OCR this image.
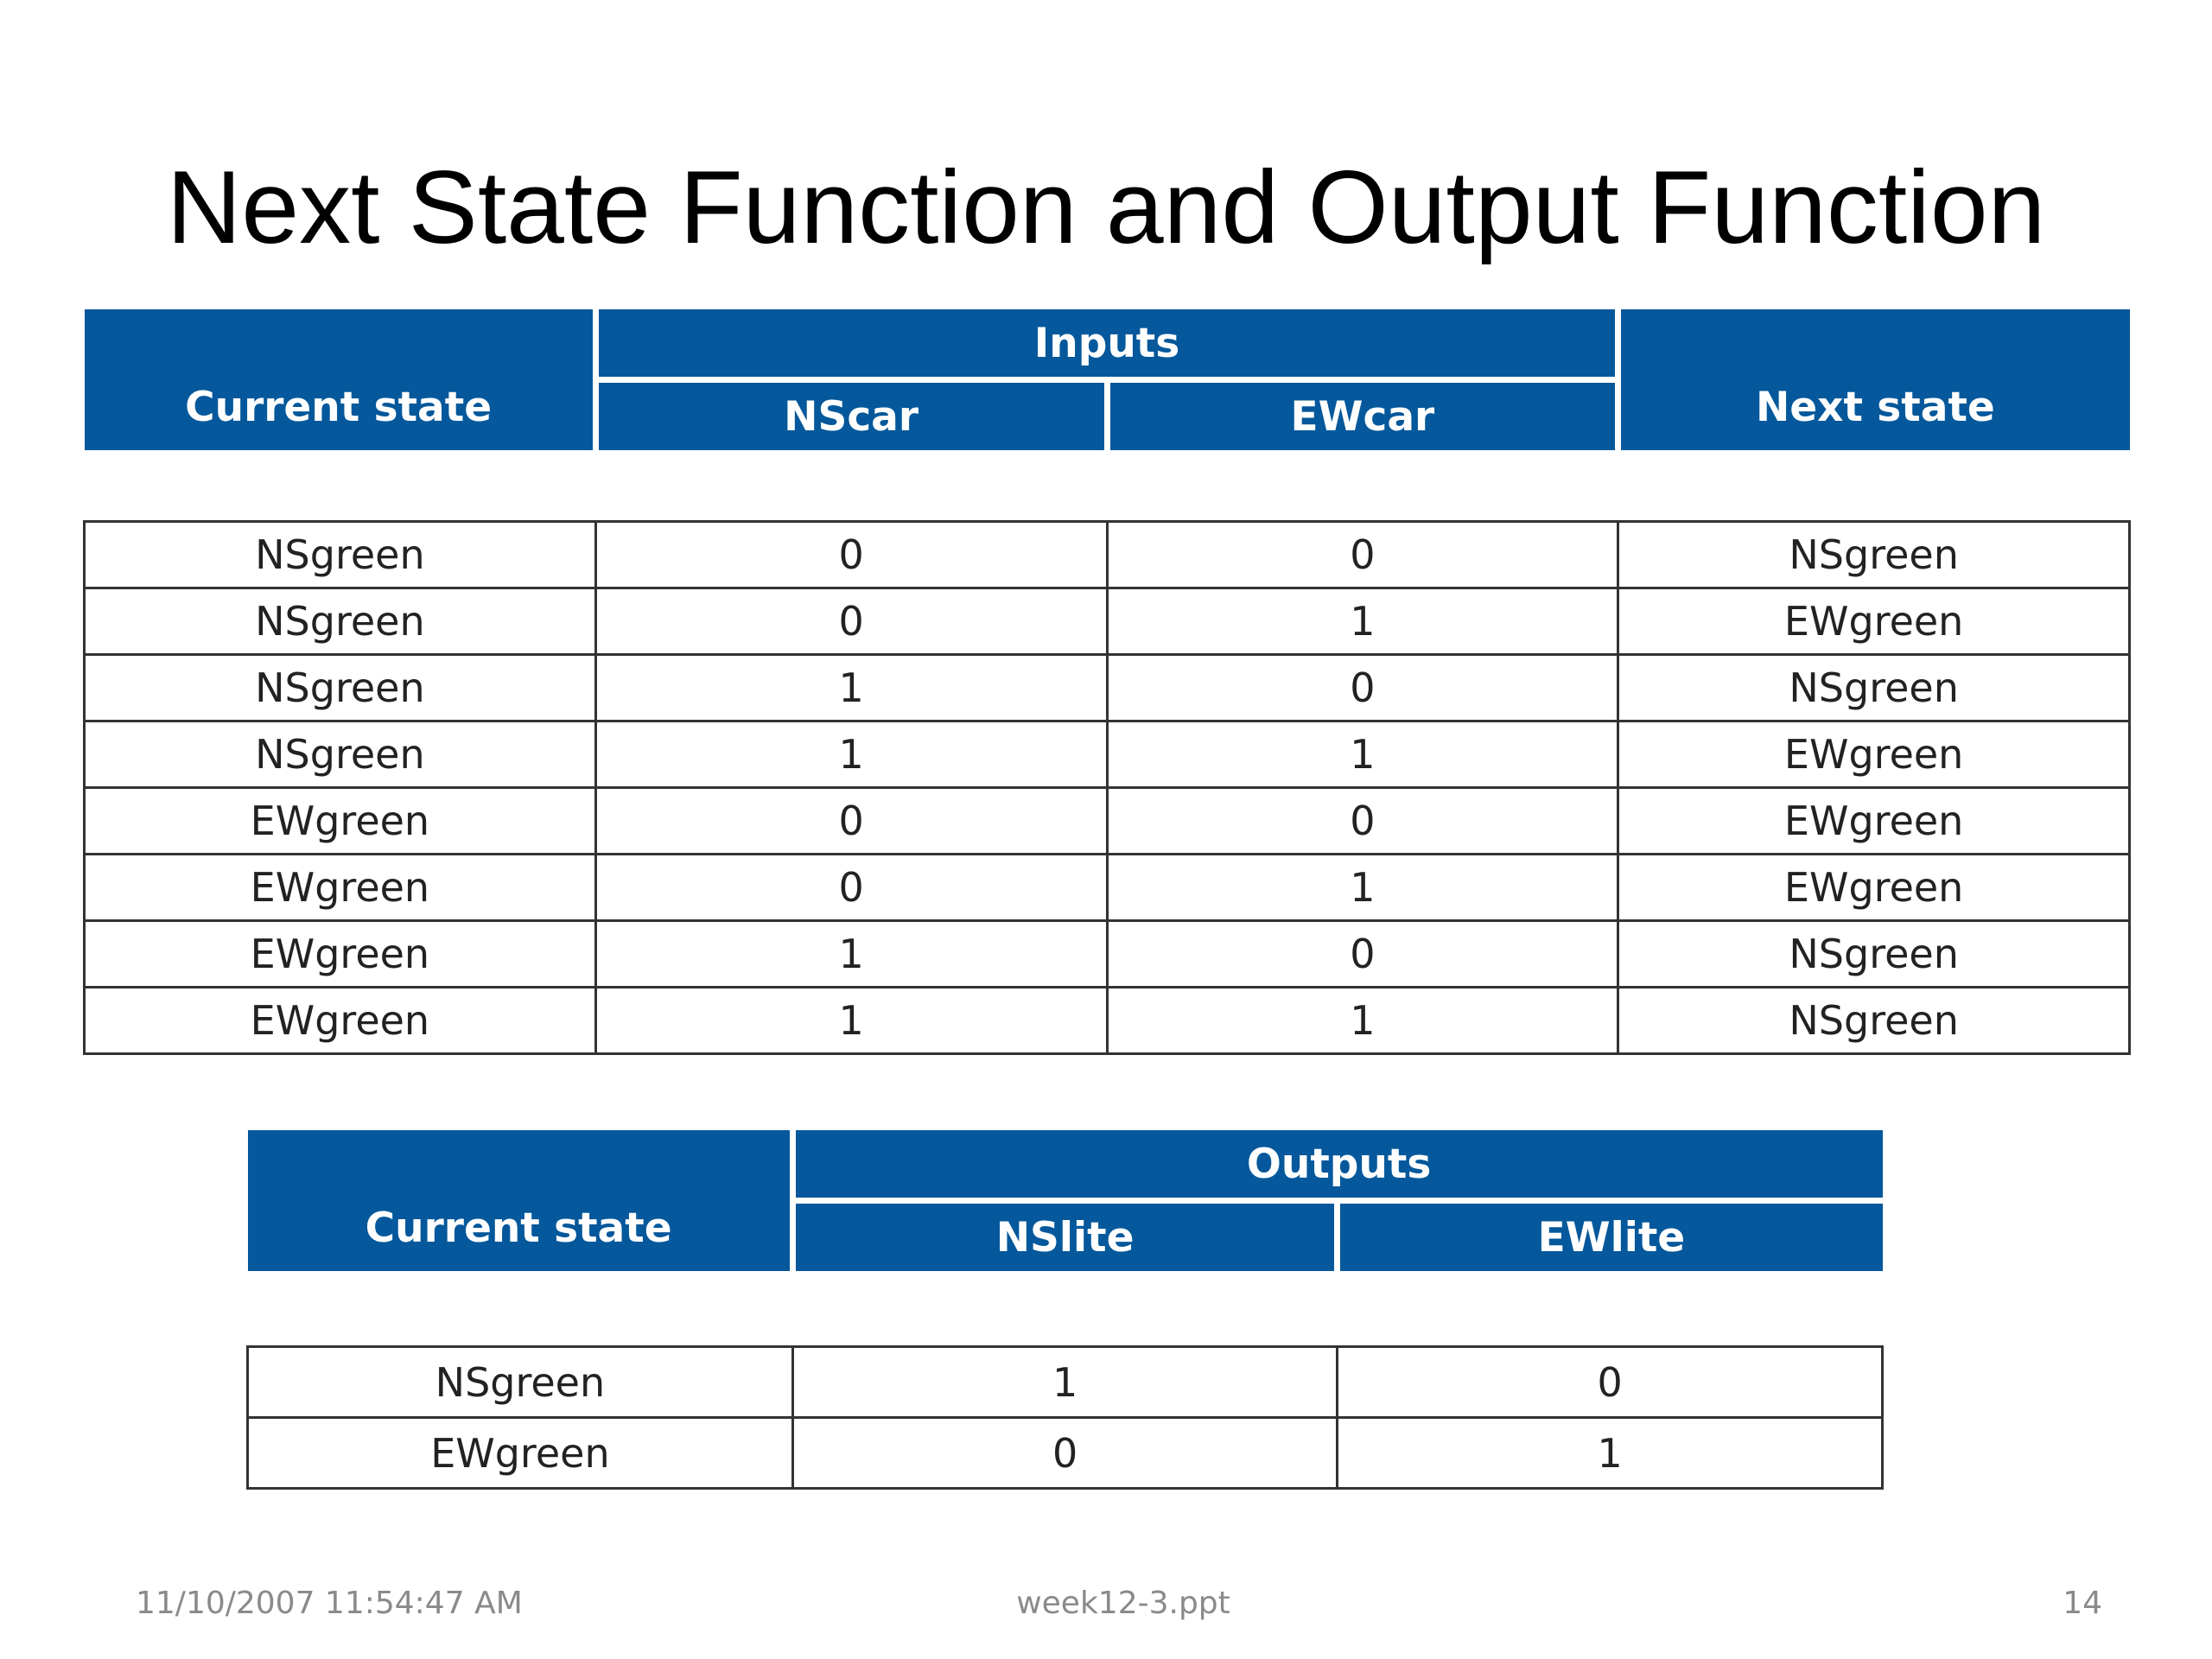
Next State Function and Output Function
Current state	Inputs		Next state
	NScar	EWcar	

NSgreen	0	0	NSgreen
NSgreen	0	1	EWgreen
NSgreen	1	0	NSgreen
NSgreen	1	1	EWgreen
EWgreen	0	0	EWgreen
EWgreen	0	1	EWgreen
EWgreen	1	0	NSgreen
EWgreen	1	1	NSgreen
Current state	Outputs	
	NSlite	EWlite

NSgreen	1	0
EWgreen	0	1
11/10/2007 11:54:47 AM	week12-3.ppt	14
